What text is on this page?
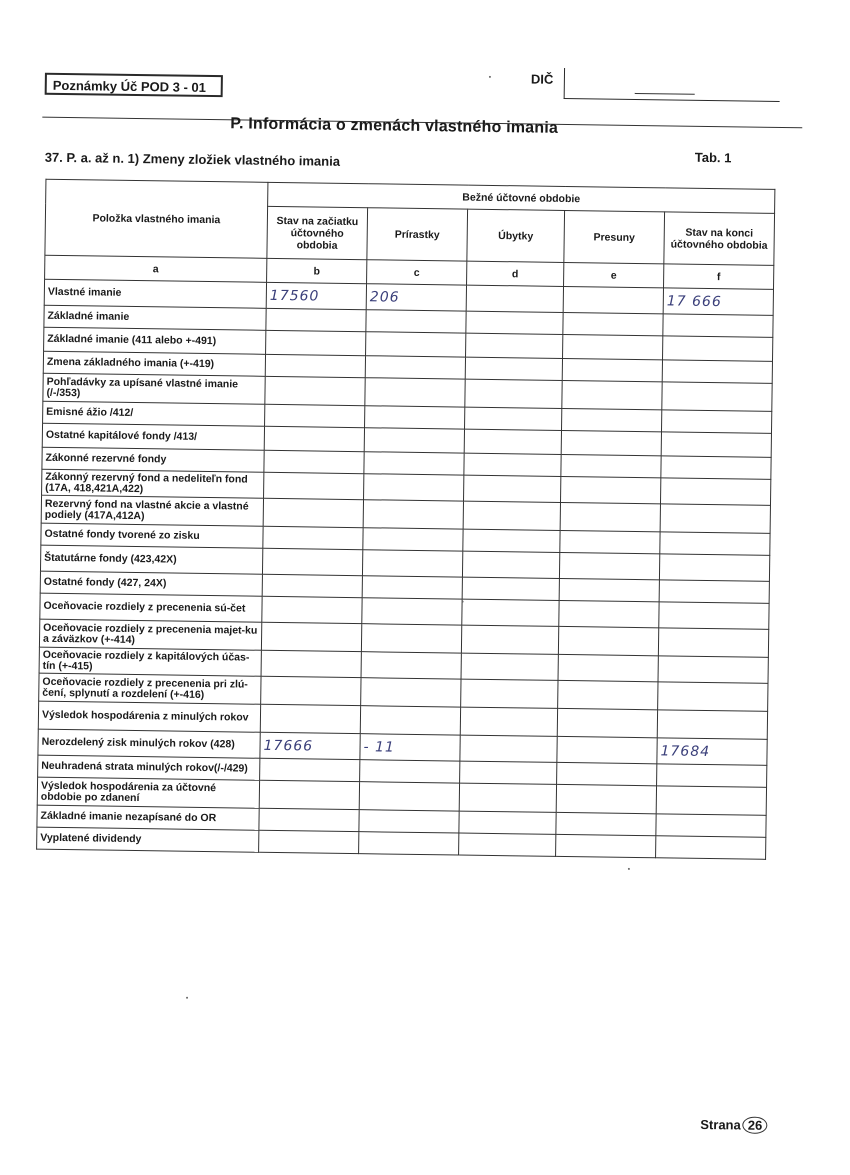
Poznámky Úč POD 3 - 01	DIČ
P. Informácia o zmenách vlastného imania
37. P. a. až n. 1) Zmeny zložiek vlastného imania	Tab. 1
Položka vlastného imania	Bežné účtovné obdobie				
	Stav na začiatku účtovného obdobia	Prírastky	Úbytky	Presuny	Stav na konci účtovného obdobia
a	b	c	d	e	f
Vlastné imanie	17560	206			17 666
Základné imanie					
Základné imanie (411 alebo +-491)					
Zmena základného imania (+-419)					
Pohľadávky za upísané vlastné imanie (/-/353)					
Emisné ážio /412/					
Ostatné kapitálové fondy /413/					
Zákonné rezervné fondy					
Zákonný rezervný fond a nedeliteľn fond (17A, 418,421A,422)					
Rezervný fond na vlastné akcie a vlastné podiely (417A,412A)					
Ostatné fondy tvorené zo zisku					
Štatutárne fondy (423,42X)					
Ostatné fondy (427, 24X)					
Oceňovacie rozdiely z precenenia sú-čet					
Oceňovacie rozdiely z precenenia majet-ku a záväzkov (+-414)					
Oceňovacie rozdiely z kapitálových účas-tín (+-415)					
Oceňovacie rozdiely z precenenia pri zlú-čení, splynutí a rozdelení (+-416)					
Výsledok hospodárenia z minulých rokov					
Nerozdelený zisk minulých rokov (428)	17666	- 11			17684
Neuhradená strata minulých rokov(/-/429)					
Výsledok hospodárenia za účtovné obdobie po zdanení					
Základné imanie nezapísané do OR					
Vyplatené dividendy					
Strana 26
